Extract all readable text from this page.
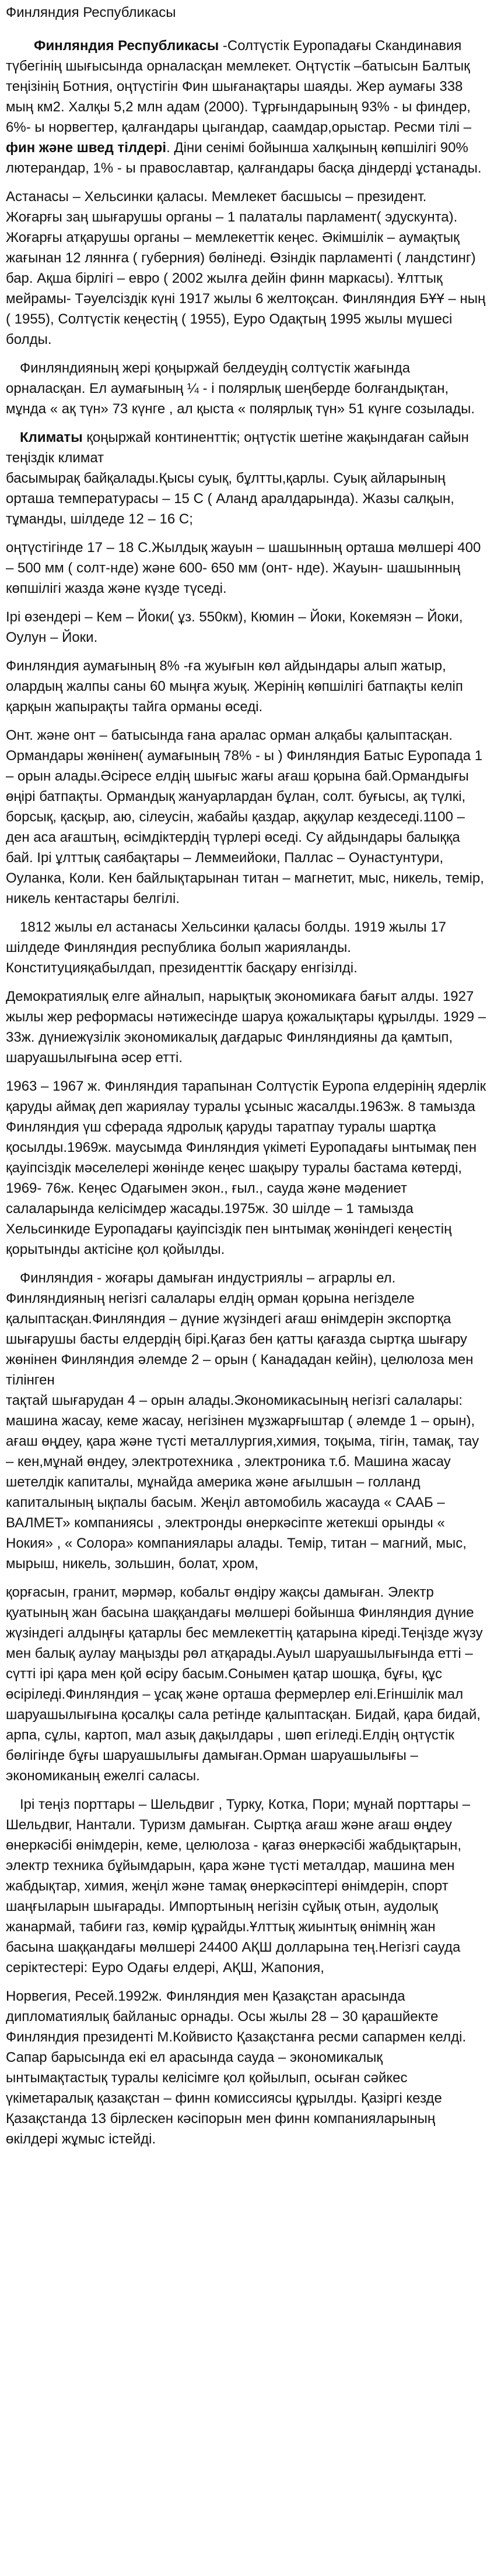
Финляндия Республикасы

Финляндия Республикасы -Солтүстік Еуропадағы Скандинавия түбегінің шығысында орналасқан мемлекет. Оңтүстік –батысын Балтық теңізінің Ботния, оңтүстігін Фин шығанақтары шаяды. Жер аумағы 338 мың км2. Халқы 5,2 млн адам (2000). Тұрғындарының 93% - ы финдер, 6%- ы норвегтер, қалғандары цыгандар, саамдар,орыстар. Ресми тілі – фин және швед тілдері. Діни сенімі бойынша халқының көпшілігі 90% лютерандар, 1% - ы православтар, қалғандары басқа діндерді ұстанады.

Астанасы – Хельсинки қаласы. Мемлекет басшысы – президент. Жоғарғы заң шығарушы органы – 1 палаталы парламент( эдускунта). Жоғарғы атқарушы органы – мемлекеттік кеңес. Әкімшілік – аумақтық жағынан 12 ляннға ( губерния) бөлінеді. Өзіндік парламенті ( ландстинг) бар. Ақша бірлігі – евро ( 2002 жылға дейін финн маркасы). Ұлттық мейрамы- Тәуелсіздік күні 1917 жылы 6 желтоқсан. Финляндия БҰҰ – ның ( 1955), Солтүстік кеңестің ( 1955), Еуро Одақтың 1995 жылы мүшесі болды.

Финляндияның жері қоңыржай белдеудің солтүстік жағында орналасқан. Ел аумағының ¼ - і полярлық шеңберде болғандықтан, мұнда « ақ түн» 73 күнге , ал қыста « полярлық түн» 51 күнге созылады.

Климаты қоңыржай континенттік; оңтүстік шетіне жақындаған сайын теңіздік климат

басымырақ байқалады.Қысы суық, бұлтты,қарлы. Суық айларының орташа температурасы – 15 С ( Аланд аралдарында). Жазы салқын, тұманды, шілдеде 12 – 16 С;

оңтүстігінде 17 – 18 С.Жылдық жауын – шашынның орташа мөлшері 400 – 500 мм ( солт-нде) және 600- 650 мм (онт- нде). Жауын- шашынның көпшілігі жазда және күзде түседі.

Ірі өзендері – Кем – Йоки( ұз. 550км), Кюмин – Йоки, Кокемяэн – Йоки, Оулун – Йоки.

Финляндия аумағының 8% -ға жуығын көл айдындары алып жатыр, олардың жалпы саны 60 мыңға жуық. Жерінің көпшілігі батпақты келіп қарқын жапырақты тайга орманы өседі.

Онт. және онт – батысында ғана аралас орман алқабы қалыптасқан. Ормандары жөнінен( аумағының 78% - ы ) Финляндия Батыс Еуропада 1 – орын алады.Әсіресе елдің шығыс жағы ағаш қорына бай.Ормандығы өңірі батпақты. Ормандық жануарлардан бұлан, солт. буғысы, ақ түлкі, борсық, қасқыр, аю, сілеусін, жабайы қаздар, аққулар кездеседі.1100 – ден аса ағаштың, өсімдіктердің түрлері өседі. Су айдындары балыққа бай. Ірі ұлттық саябақтары – Леммеийоки, Паллас – Оунастунтури, Оуланка, Коли. Кен байлықтарынан титан – магнетит, мыс, никель, темір, никель кентастары белгілі.

1812 жылы ел астанасы Хельсинки қаласы болды. 1919 жылы 17 шілдеде Финляндия республика болып жарияланды. Конституцияқабылдап, президенттік басқару енгізілді.

Демократиялық елге айналып, нарықтық экономикаға бағыт алды. 1927 жылы жер реформасы нәтижесінде шаруа қожалықтары құрылды. 1929 – 33ж. дүниежүзілік экономикалық дағдарыс Финляндияны да қамтып, шаруашылығына әсер етті.

1963 – 1967 ж. Финляндия тарапынан Солтүстік Еуропа елдерінің ядерлік қаруды аймақ деп жариялау туралы ұсыныс жасалды.1963ж. 8 тамызда Финляндия үш сферада ядролық қаруды таратпау туралы шартқа қосылды.1969ж. маусымда Финляндия үкіметі Еуропадағы ынтымақ пен қауіпсіздік мәселелері жөнінде кеңес шақыру туралы бастама көтерді, 1969- 76ж. Кеңес Одағымен экон., ғыл., сауда және мәдениет салаларында келісімдер жасады.1975ж. 30 шілде – 1 тамызда Хельсинкиде Еуропадағы қауіпсіздік пен ынтымақ жөніндегі кеңестің қорытынды актісіне қол қойылды.

Финляндия - жоғары дамыған индустриялы – аграрлы ел. Финляндияның негізгі салалары елдің орман қорына негізделе қалыптасқан.Финляндия – дүние жүзіндегі ағаш өнімдерін экспортқа шығарушы басты елдердің бірі.Қағаз бен қатты қағазда сыртқа шығару жөнінен Финляндия әлемде 2 – орын ( Канададан кейін), целюлоза мен тілінген

тақтай шығарудан 4 – орын алады.Экономикасының негізгі салалары: машина жасау, кеме жасау, негізінен мұзжарғыштар ( әлемде 1 – орын), ағаш өңдеу, қара және түсті металлургия,химия, тоқыма, тігін, тамақ, тау – кен,мұнай өндеу, электротехника , электроника т.б. Машина жасау шетелдік капиталы, мұнайда америка және ағылшын – голланд капиталының ықпалы басым. Жеңіл автомобиль жасауда « СААБ – ВАЛМЕТ» компаниясы , электронды өнеркәсіпте жетекші орынды « Нокия» , « Солора» компаниялары алады. Темір, титан – магний, мыс, мырыш, никель, зольшин, болат, хром,

қорғасын, гранит, мәрмәр, кобальт өндіру жақсы дамыған. Электр қуатының жан басына шаққандағы мөлшері бойынша Финляндия дүние жүзіндегі алдыңғы қатарлы бес мемлекеттің қатарына кіреді.Теңізде жүзу мен балық аулау маңызды рөл атқарады.Ауыл шаруашылығында етті – сүтті ірі қара мен қой өсіру басым.Сонымен қатар шошқа, бұғы, құс өсіріледі.Финляндия – ұсақ және орташа фермерлер елі.Егіншілік мал шаруашылығына қосалқы сала ретінде қалыптасқан. Бидай, қара бидай, арпа, сұлы, картоп, мал азық дақылдары , шөп егіледі.Елдің оңтүстік бөлігінде бұғы шаруашылығы дамыған.Орман шаруашылығы – экономиканың ежелгі саласы.

Ірі теңіз порттары – Шельдвиг , Турку, Котка, Пори; мұнай порттары – Шельдвиг, Нантали. Туризм дамыған. Сыртқа ағаш және ағаш өңдеу өнеркәсібі өнімдерін, кеме, целюлоза - қағаз өнеркәсібі жабдықтарын, электр техника бұйымдарын, қара және түсті металдар, машина мен жабдықтар, химия, жеңіл және тамақ өнеркәсіптері өнімдерін, спорт шаңғыларын шығарады. Импортының негізін сұйық отын, аудолық жанармай, табиғи газ, көмір құрайды.Ұлттық жиынтық өнімнің жан басына шаққандағы мөлшері 24400 АҚШ долларына тең.Негізгі сауда серіктестері: Еуро Одағы елдері, АҚШ, Жапония,

Норвегия, Ресей.1992ж. Финляндия мен Қазақстан арасында дипломатиялық байланыс орнады. Осы жылы 28 – 30 қарашйекте Финляндия президенті М.Койвисто Қазақстанға ресми сапармен келді. Сапар барысында екі ел арасында сауда – экономикалық ынтымақтастық туралы келісімге қол қойылып, осыған сәйкес үкіметаралық қазақстан – финн комиссиясы құрылды. Қазіргі кезде Қазақстанда 13 бірлескен кәсіпорын мен финн компанияларының өкілдері жұмыс істейді.
